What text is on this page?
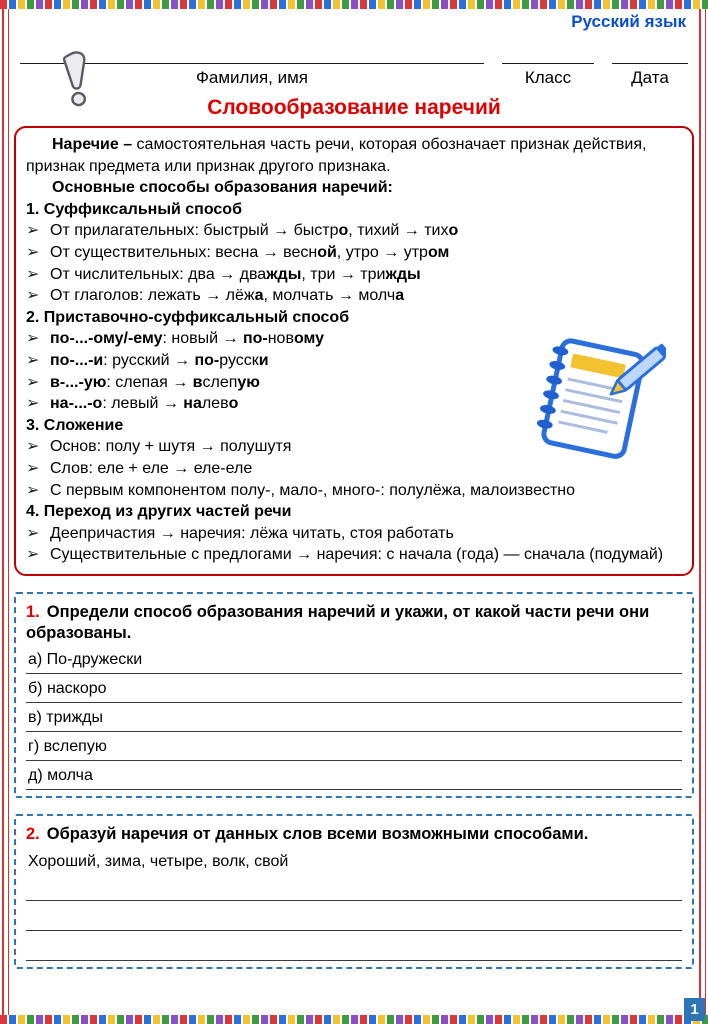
Русский язык
Фамилия, имя	Класс	Дата
Словообразование наречий
Наречие – самостоятельная часть речи, которая обозначает признак действия, признак предмета или признак другого признака.
Основные способы образования наречий:
1. Суффиксальный способ
➢ От прилагательных: быстрый → быстро, тихий → тихо
➢ От существительных: весна → весной, утро → утром
➢ От числительных: два → дважды, три → трижды
➢ От глаголов: лежать → лёжа, молчать → молча
2. Приставочно-суффиксальный способ
➢ по-...-ому/-ему: новый → по-новому
➢ по-...-и: русский → по-русски
➢ в-...-ую: слепая → вслепую
➢ на-...-о: левый → налево
3. Сложение
➢ Основ: полу + шутя → полушутя
➢ Слов: еле + еле → еле-еле
➢ С первым компонентом полу-, мало-, много-: полулёжа, малоизвестно
4. Переход из других частей речи
➢ Деепричастия → наречия: лёжа читать, стоя работать
➢ Существительные с предлогами → наречия: с начала (года) — сначала (подумай)
1. Определи способ образования наречий и укажи, от какой части речи они образованы.
а) По-дружески
б) наскоро
в) трижды
г) вслепую
д) молча
2. Образуй наречия от данных слов всеми возможными способами.
Хороший, зима, четыре, волк, свой
1
